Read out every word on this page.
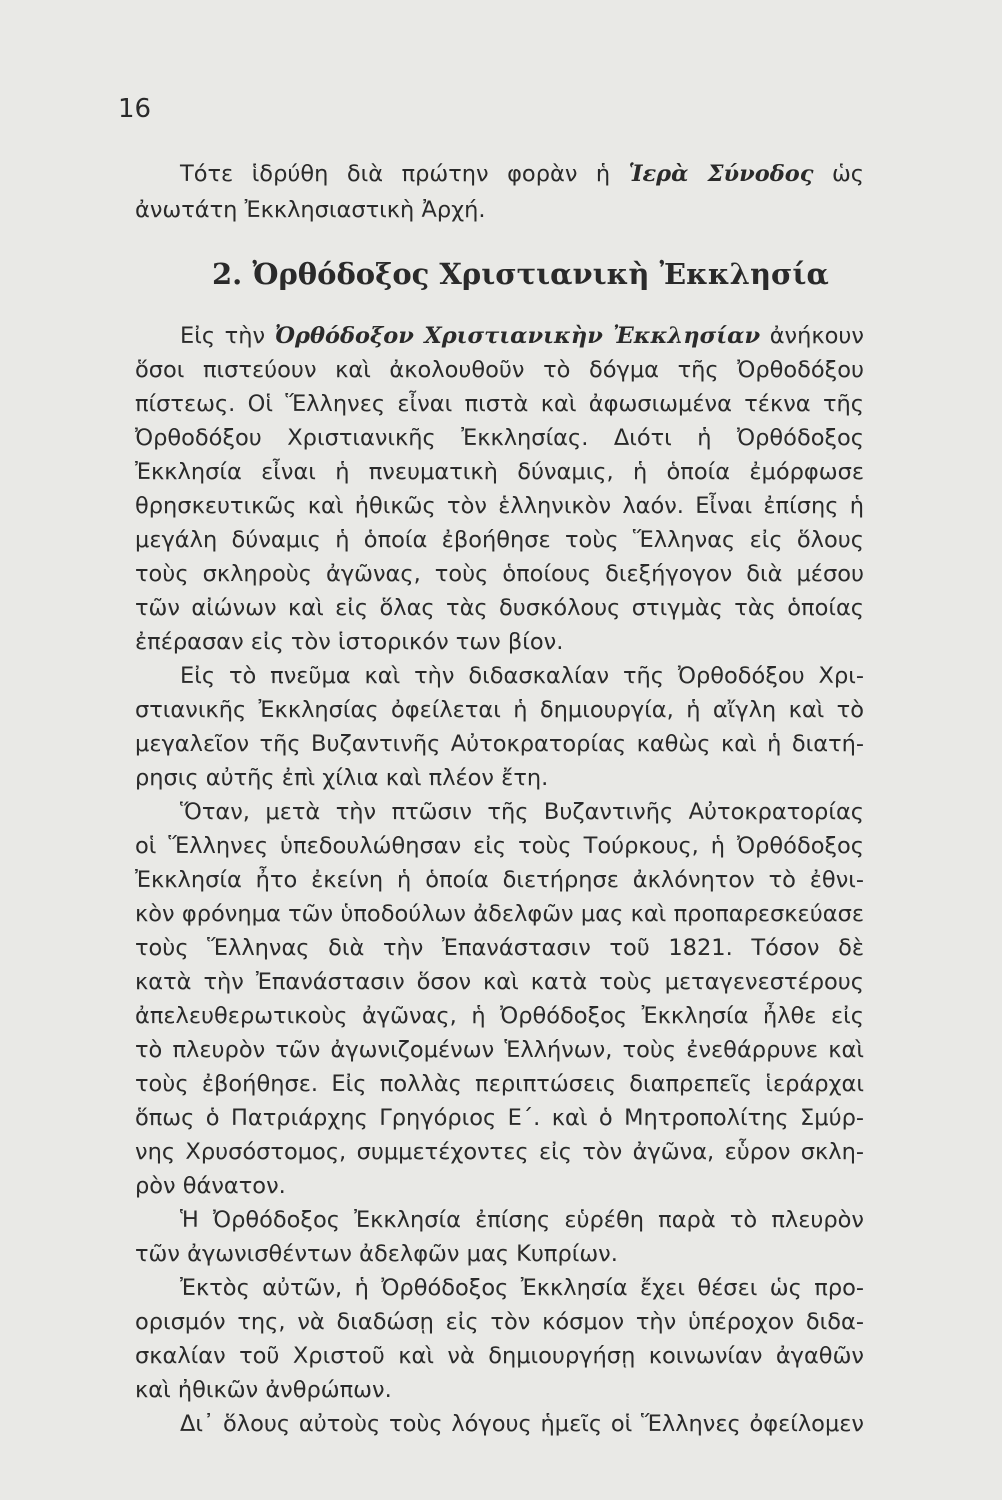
16
Τότε ἱδρύθη διὰ πρώτην φορὰν ἡ Ἱερὰ Σύνοδος ὡς
ἀνωτάτη Ἐκκλησιαστικὴ Ἀρχή.
2. Ὀρθόδοξος Χριστιανικὴ Ἐκκλησία
Εἰς τὴν Ὀρθόδοξον Χριστιανικὴν Ἐκκλησίαν ἀνήκουν
ὅσοι πιστεύουν καὶ ἀκολουθοῦν τὸ δόγμα τῆς Ὀρθοδόξου
πίστεως. Οἱ Ἕλληνες εἶναι πιστὰ καὶ ἀφωσιωμένα τέκνα τῆς
Ὀρθοδόξου Χριστιανικῆς Ἐκκλησίας. Διότι ἡ Ὀρθόδοξος
Ἐκκλησία εἶναι ἡ πνευματικὴ δύναμις, ἡ ὁποία ἐμόρφωσε
θρησκευτικῶς καὶ ἠθικῶς τὸν ἑλληνικὸν λαόν. Εἶναι ἐπίσης ἡ
μεγάλη δύναμις ἡ ὁποία ἐβοήθησε τοὺς Ἕλληνας εἰς ὅλους
τοὺς σκληροὺς ἀγῶνας, τοὺς ὁποίους διεξήγογον διὰ μέσου
τῶν αἰώνων καὶ εἰς ὅλας τὰς δυσκόλους στιγμὰς τὰς ὁποίας
ἐπέρασαν εἰς τὸν ἱστορικόν των βίον.
Εἰς τὸ πνεῦμα καὶ τὴν διδασκαλίαν τῆς Ὀρθοδόξου Χρι-
στιανικῆς Ἐκκλησίας ὀφείλεται ἡ δημιουργία, ἡ αἴγλη καὶ τὸ
μεγαλεῖον τῆς Βυζαντινῆς Αὐτοκρατορίας καθὼς καὶ ἡ διατή-
ρησις αὐτῆς ἐπὶ χίλια καὶ πλέον ἔτη.
Ὅταν, μετὰ τὴν πτῶσιν τῆς Βυζαντινῆς Αὐτοκρατορίας
οἱ Ἕλληνες ὑπεδουλώθησαν εἰς τοὺς Τούρκους, ἡ Ὀρθόδοξος
Ἐκκλησία ἦτο ἐκείνη ἡ ὁποία διετήρησε ἀκλόνητον τὸ ἐθνι-
κὸν φρόνημα τῶν ὑποδούλων ἀδελφῶν μας καὶ προπαρεσκεύασε
τοὺς Ἕλληνας διὰ τὴν Ἐπανάστασιν τοῦ 1821. Τόσον δὲ
κατὰ τὴν Ἐπανάστασιν ὅσον καὶ κατὰ τοὺς μεταγενεστέρους
ἀπελευθερωτικοὺς ἀγῶνας, ἡ Ὀρθόδοξος Ἐκκλησία ἦλθε εἰς
τὸ πλευρὸν τῶν ἀγωνιζομένων Ἑλλήνων, τοὺς ἐνεθάρρυνε καὶ
τοὺς ἐβοήθησε. Εἰς πολλὰς περιπτώσεις διαπρεπεῖς ἱεράρχαι
ὅπως ὁ Πατριάρχης Γρηγόριος Ε΄. καὶ ὁ Μητροπολίτης Σμύρ-
νης Χρυσόστομος, συμμετέχοντες εἰς τὸν ἀγῶνα, εὗρον σκλη-
ρὸν θάνατον.
Ἡ Ὀρθόδοξος Ἐκκλησία ἐπίσης εὑρέθη παρὰ τὸ πλευρὸν
τῶν ἀγωνισθέντων ἀδελφῶν μας Κυπρίων.
Ἐκτὸς αὐτῶν, ἡ Ὀρθόδοξος Ἐκκλησία ἔχει θέσει ὡς προ-
ορισμόν της, νὰ διαδώσῃ εἰς τὸν κόσμον τὴν ὑπέροχον διδα-
σκαλίαν τοῦ Χριστοῦ καὶ νὰ δημιουργήσῃ κοινωνίαν ἀγαθῶν
καὶ ἠθικῶν ἀνθρώπων.
Δι᾽ ὅλους αὐτοὺς τοὺς λόγους ἡμεῖς οἱ Ἕλληνες ὀφείλομεν
